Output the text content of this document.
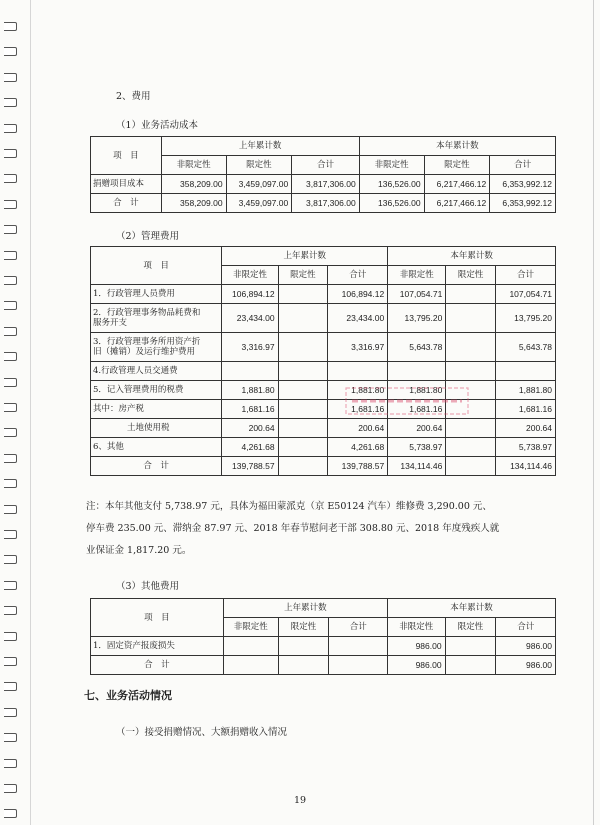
2、费用
（1）业务活动成本
项　目	上年累计数			本年累计数		
	非限定性	限定性	合计	非限定性	限定性	合计
捐赠项目成本	358,209.00	3,459,097.00	3,817,306.00	136,526.00	6,217,466.12	6,353,992.12
合　计	358,209.00	3,459,097.00	3,817,306.00	136,526.00	6,217,466.12	6,353,992.12
（2）管理费用
项　目	上年累计数			本年累计数		
	非限定性	限定性	合计	非限定性	限定性	合计

1．行政管理人员费用	106,894.12		106,894.12	107,054.71		107,054.71

2．行政管理事务物品耗费和
服务开支	23,434.00		23,434.00	13,795.20		13,795.20

3．行政管理事务所用资产折
旧（摊销）及运行维护费用	3,316.97		3,316.97	5,643.78		5,643.78

4.行政管理人员交通费						

5．记入管理费用的税费	1,881.80		1,881.80	1,881.80		1,881.80

其中：房产税	1,681.16		1,681.16	1,681.16		1,681.16

土地使用税	200.64		200.64	200.64		200.64

6、其他	4,261.68		4,261.68	5,738.97		5,738.97

合　计	139,788.57		139,788.57	134,114.46		134,114.46
注：本年其他支付 5,738.97 元，具体为福田蒙派克（京 E50124 汽车）维修费 3,290.00 元、
停车费 235.00 元、滞纳金 87.97 元、2018 年春节慰问老干部 308.80 元、2018 年度残疾人就
业保证金 1,817.20 元。
（3）其他费用
项　目	上年累计数			本年累计数		
	非限定性	限定性	合计	非限定性	限定性	合计
1．固定资产报废损失				986.00		986.00
合　计				986.00		986.00
七、业务活动情况
（一）接受捐赠情况、大额捐赠收入情况
19
